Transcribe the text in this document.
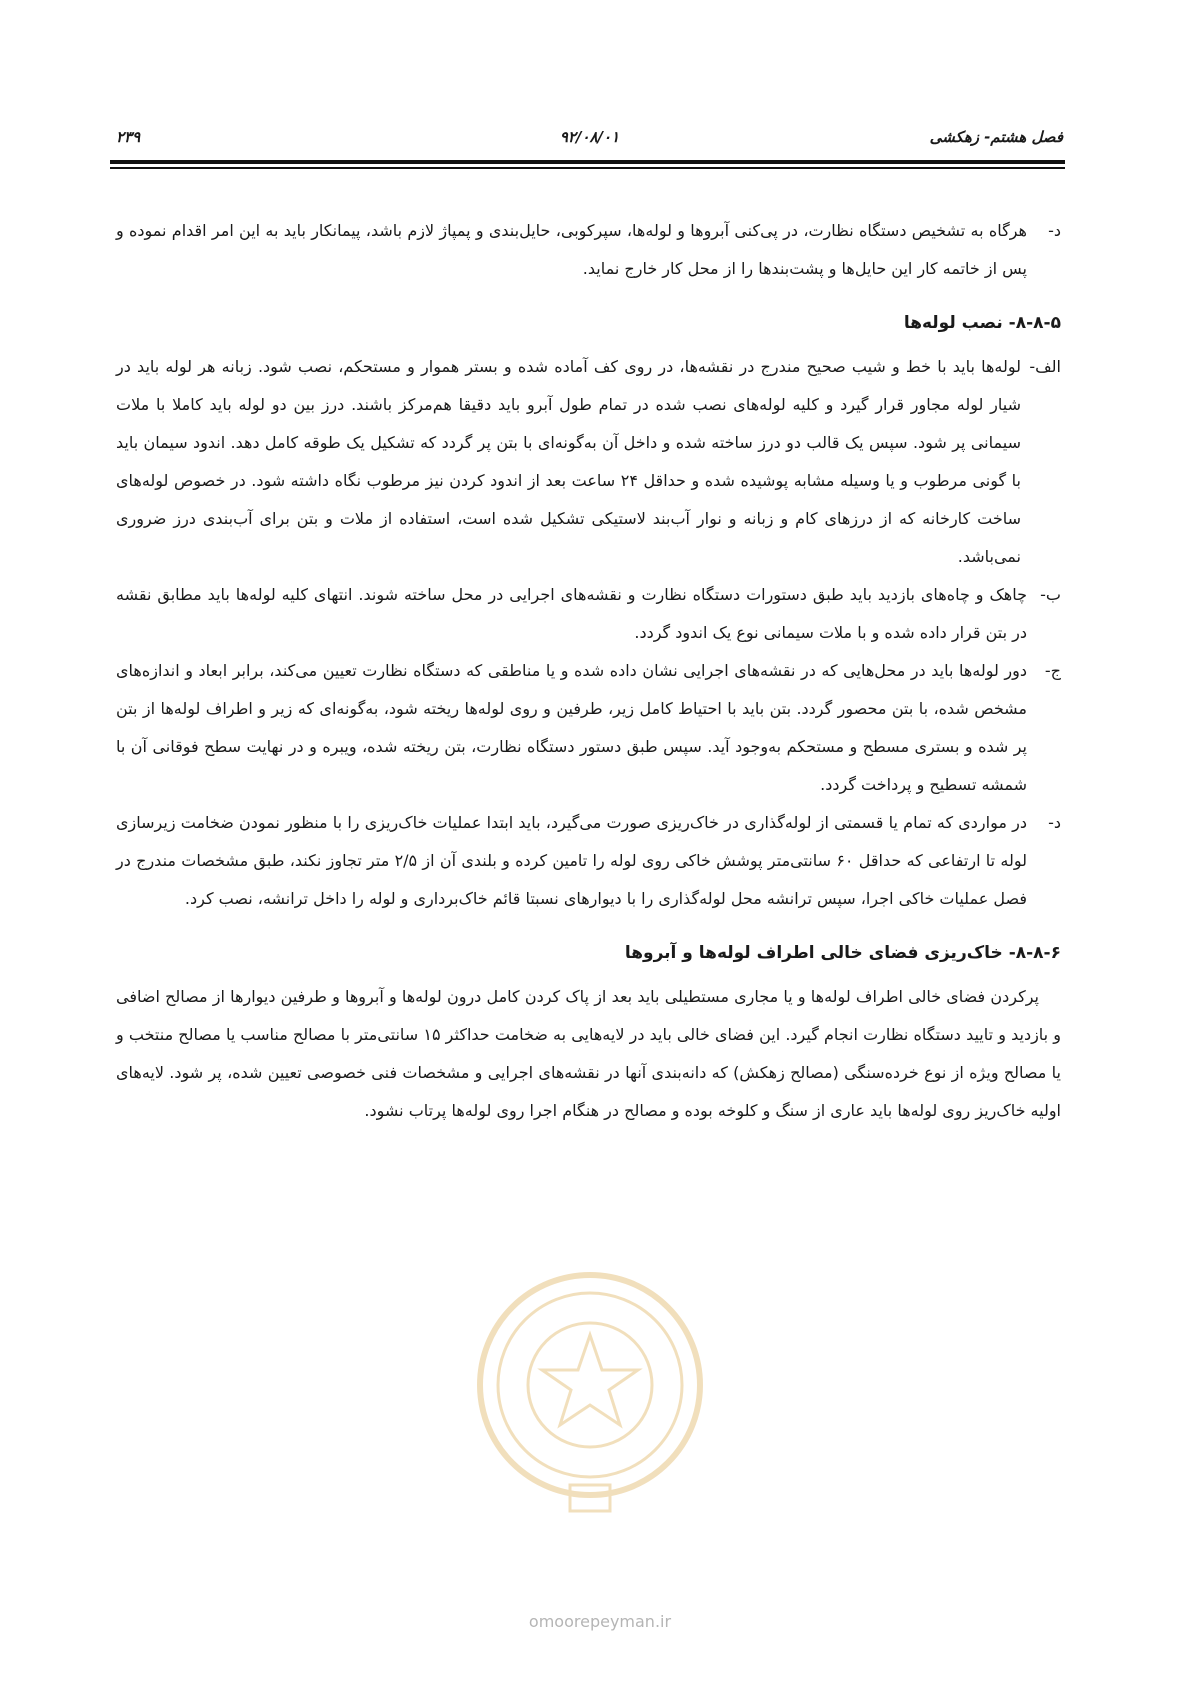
فصل هشتم- زهکشی
۹۲/۰۸/۰۱
۲۳۹
د-
هرگاه به تشخیص دستگاه نظارت، در پی‌کنی آبروها و لوله‌ها، سپرکوبی، حایل‌بندی و پمپاژ لازم باشد، پیمانکار باید به این امر اقدام نموده و پس از خاتمه کار این حایل‌ها و پشت‌بندها را از محل کار خارج نماید.
۸-۸-۵- نصب لوله‌ها
الف-
لوله‌ها باید با خط و شیب صحیح مندرج در نقشه‌ها، در روی کف آماده شده و بستر هموار و مستحکم، نصب شود. زبانه هر لوله باید در شیار لوله مجاور قرار گیرد و کلیه لوله‌های نصب شده در تمام طول آبرو باید دقیقا هم‌مرکز باشند. درز بین دو لوله باید کاملا با ملات سیمانی پر شود. سپس یک قالب دو درز ساخته شده و داخل آن به‌گونه‌ای با بتن پر گردد که تشکیل یک طوقه کامل دهد. اندود سیمان باید با گونی مرطوب و یا وسیله مشابه پوشیده شده و حداقل ۲۴ ساعت بعد از اندود کردن نیز مرطوب نگاه داشته شود. در خصوص لوله‌های ساخت کارخانه که از درزهای کام و زبانه و نوار آب‌بند لاستیکی تشکیل شده است، استفاده از ملات و بتن برای آب‌بندی درز ضروری نمی‌باشد.
ب-
چاهک و چاه‌های بازدید باید طبق دستورات دستگاه نظارت و نقشه‌های اجرایی در محل ساخته شوند. انتهای کلیه لوله‌ها باید مطابق نقشه در بتن قرار داده شده و با ملات سیمانی نوع یک اندود گردد.
ج-
دور لوله‌ها باید در محل‌هایی که در نقشه‌های اجرایی نشان داده شده و یا مناطقی که دستگاه نظارت تعیین می‌کند، برابر ابعاد و اندازه‌های مشخص شده، با بتن محصور گردد. بتن باید با احتیاط کامل زیر، طرفین و روی لوله‌ها ریخته شود، به‌گونه‌ای که زیر و اطراف لوله‌ها از بتن پر شده و بستری مسطح و مستحکم به‌وجود آید. سپس طبق دستور دستگاه نظارت، بتن ریخته شده، ویبره و در نهایت سطح فوقانی آن با شمشه تسطیح و پرداخت گردد.
د-
در مواردی که تمام یا قسمتی از لوله‌گذاری در خاک‌ریزی صورت می‌گیرد، باید ابتدا عملیات خاک‌ریزی را با منظور نمودن ضخامت زیرسازی لوله تا ارتفاعی که حداقل ۶۰ سانتی‌متر پوشش خاکی روی لوله را تامین کرده و بلندی آن از ۲/۵ متر تجاوز نکند، طبق مشخصات مندرج در فصل عملیات خاکی اجرا، سپس ترانشه محل لوله‌گذاری را با دیوارهای نسبتا قائم خاک‌برداری و لوله را داخل ترانشه، نصب کرد.
۸-۸-۶- خاک‌ریزی فضای خالی اطراف لوله‌ها و آبروها
پرکردن فضای خالی اطراف لوله‌ها و یا مجاری مستطیلی باید بعد از پاک کردن کامل درون لوله‌ها و آبروها و طرفین دیوارها از مصالح اضافی و بازدید و تایید دستگاه نظارت انجام گیرد. این فضای خالی باید در لایه‌هایی به ضخامت حداکثر ۱۵ سانتی‌متر با مصالح مناسب یا مصالح منتخب و یا مصالح ویژه از نوع خرده‌سنگی (مصالح زهکش) که دانه‌بندی آنها در نقشه‌های اجرایی و مشخصات فنی خصوصی تعیین شده، پر شود. لایه‌های اولیه خاک‌ریز روی لوله‌ها باید عاری از سنگ و کلوخه بوده و مصالح در هنگام اجرا روی لوله‌ها پرتاب نشود.
omoorepeyman.ir
